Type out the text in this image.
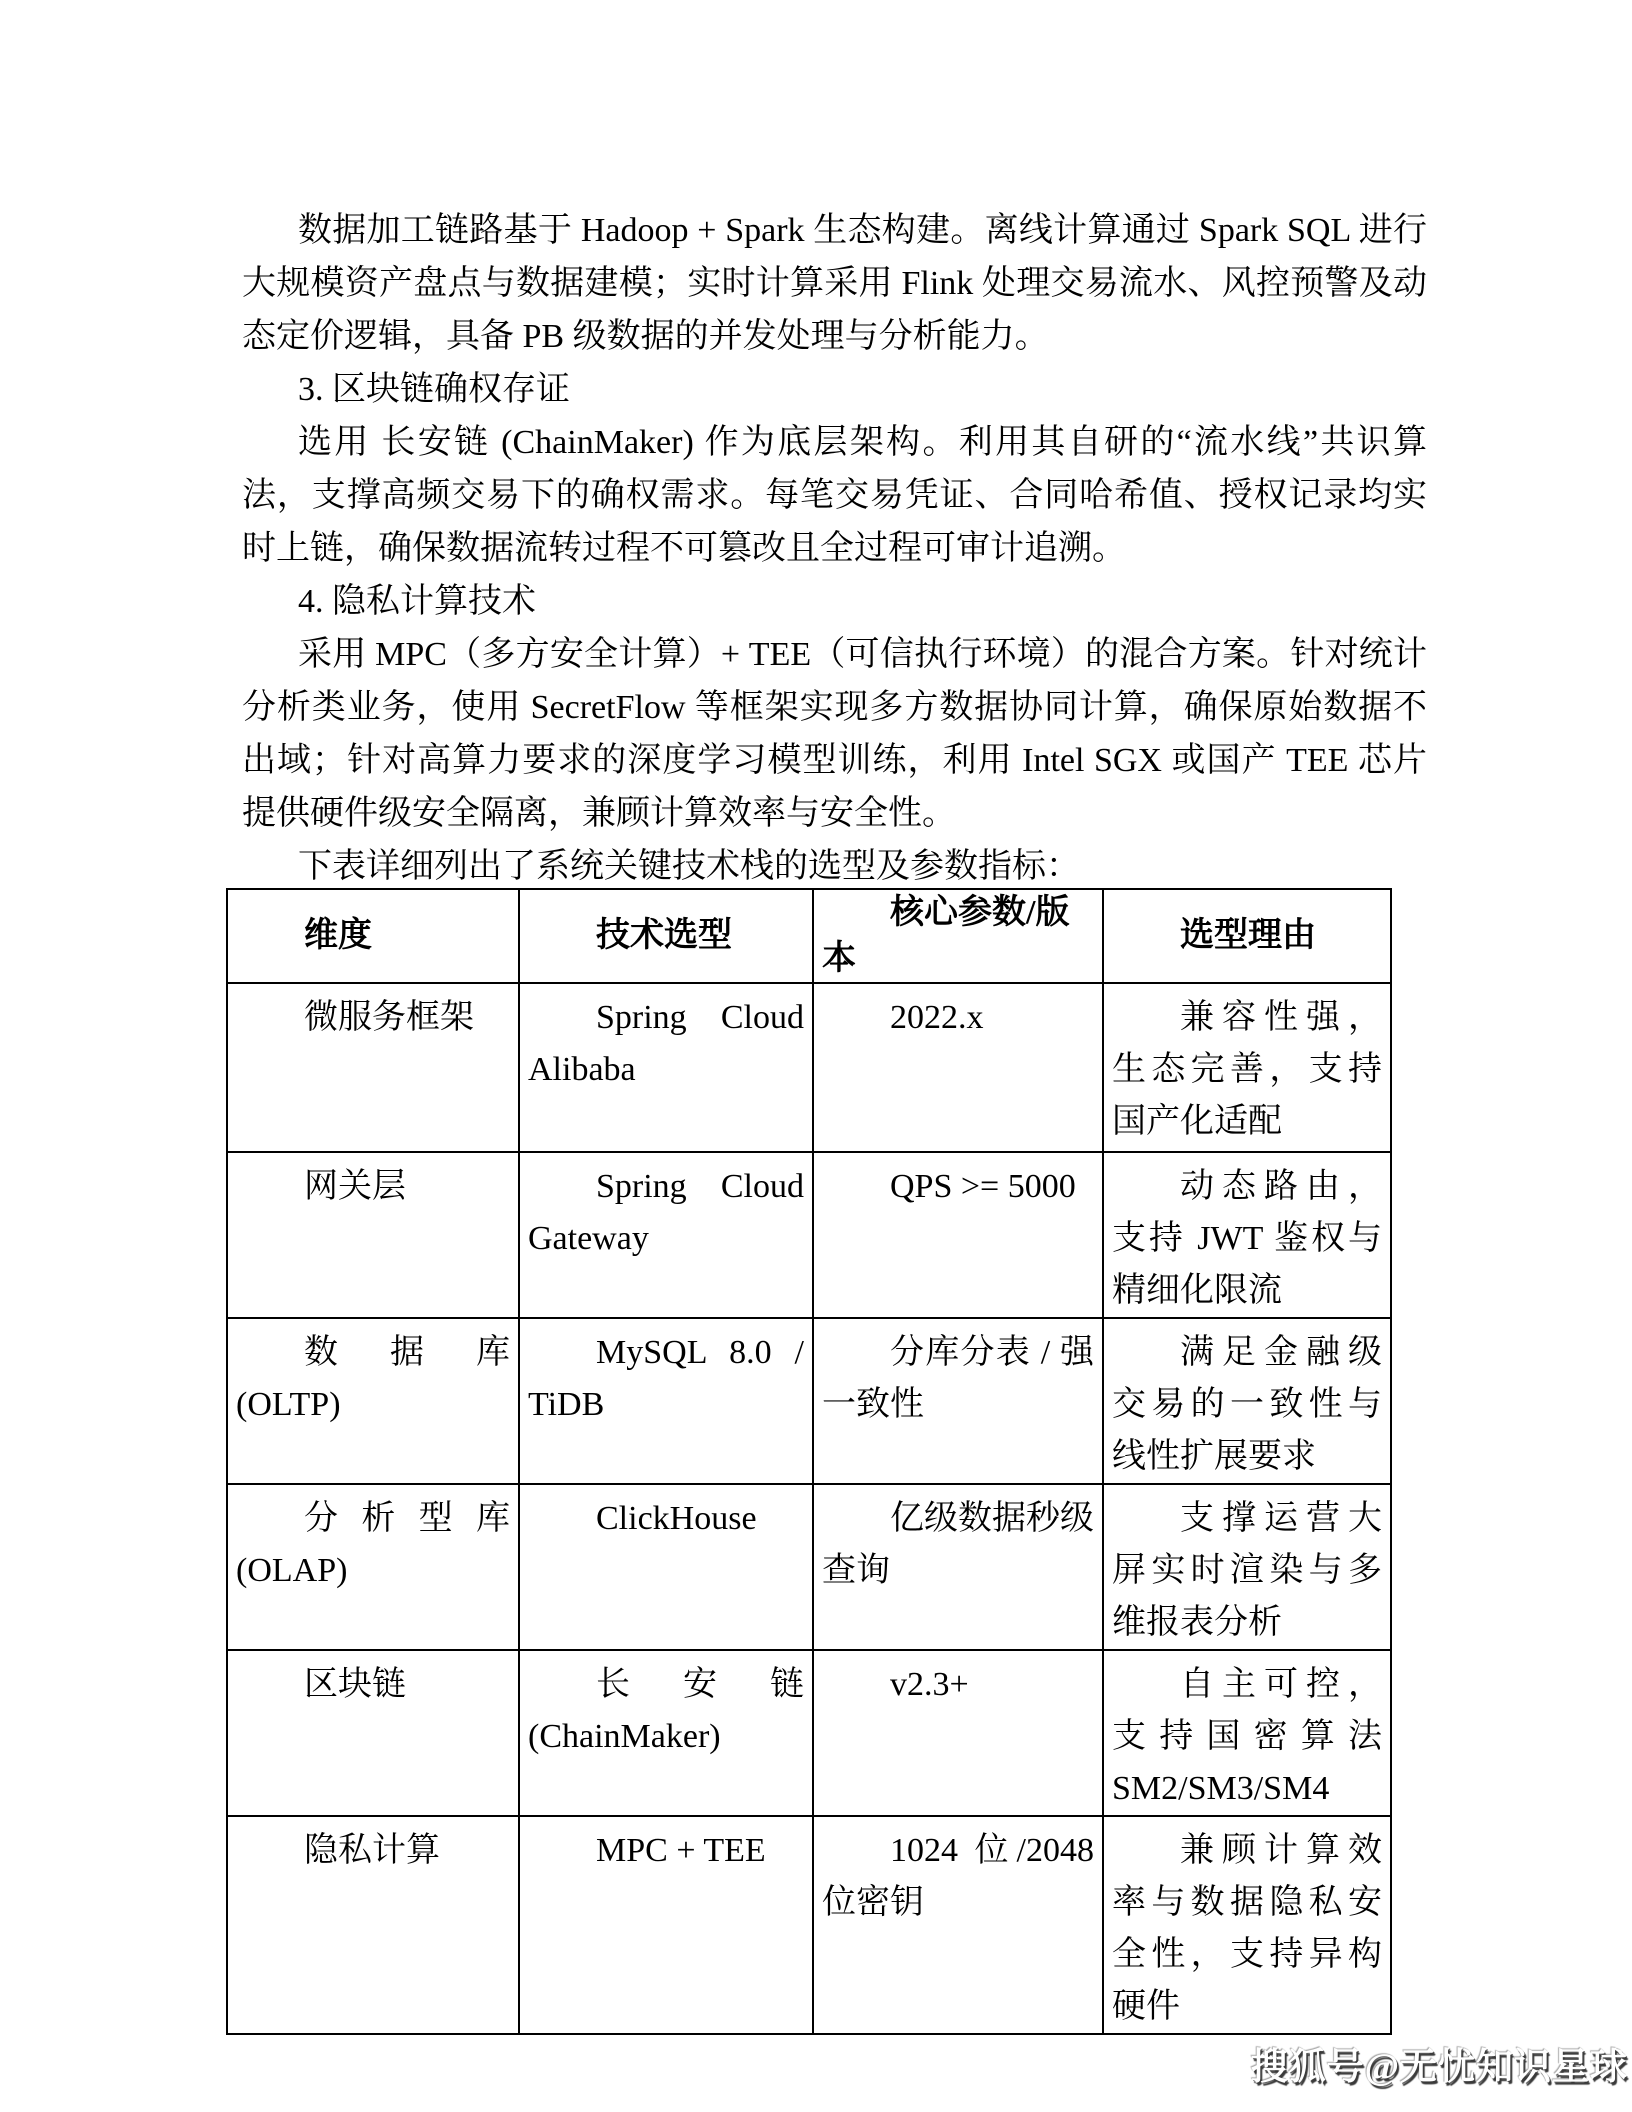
数据加工链路基于 Hadoop + Spark 生态构建。离线计算通过 Spark SQL 进行大规模资产盘点与数据建模；实时计算采用 Flink 处理交易流水、风控预警及动态定价逻辑，具备 PB 级数据的并发处理与分析能力。

3. 区块链确权存证

选用 长安链 (ChainMaker) 作为底层架构。利用其自研的“流水线”共识算法，支撑高频交易下的确权需求。每笔交易凭证、合同哈希值、授权记录均实时上链，确保数据流转过程不可篡改且全过程可审计追溯。

4. 隐私计算技术

采用 MPC（多方安全计算）+ TEE（可信执行环境）的混合方案。针对统计分析类业务，使用 SecretFlow 等框架实现多方数据协同计算，确保原始数据不出域；针对高算力要求的深度学习模型训练，利用 Intel SGX 或国产 TEE 芯片提供硬件级安全隔离，兼顾计算效率与安全性。

下表详细列出了系统关键技术栈的选型及参数指标：

维度	技术选型	核心参数/版本	选型理由
微服务框架	Spring Cloud Alibaba	2022.x	兼容性强，生态完善，支持国产化适配
网关层	Spring Cloud Gateway	QPS >= 5000	动态路由，支持 JWT 鉴权与精细化限流
数据库(OLTP)	MySQL 8.0 / TiDB	分库分表 / 强一致性	满足金融级交易的一致性与线性扩展要求
分析型库(OLAP)	ClickHouse	亿级数据秒级查询	支撑运营大屏实时渲染与多维报表分析
区块链	长安链 (ChainMaker)	v2.3+	自主可控，支持国密算法 SM2/SM3/SM4
隐私计算	MPC + TEE	1024 位/2048 位密钥	兼顾计算效率与数据隐私安全性，支持异构硬件
搜狐号@无忧知识星球
